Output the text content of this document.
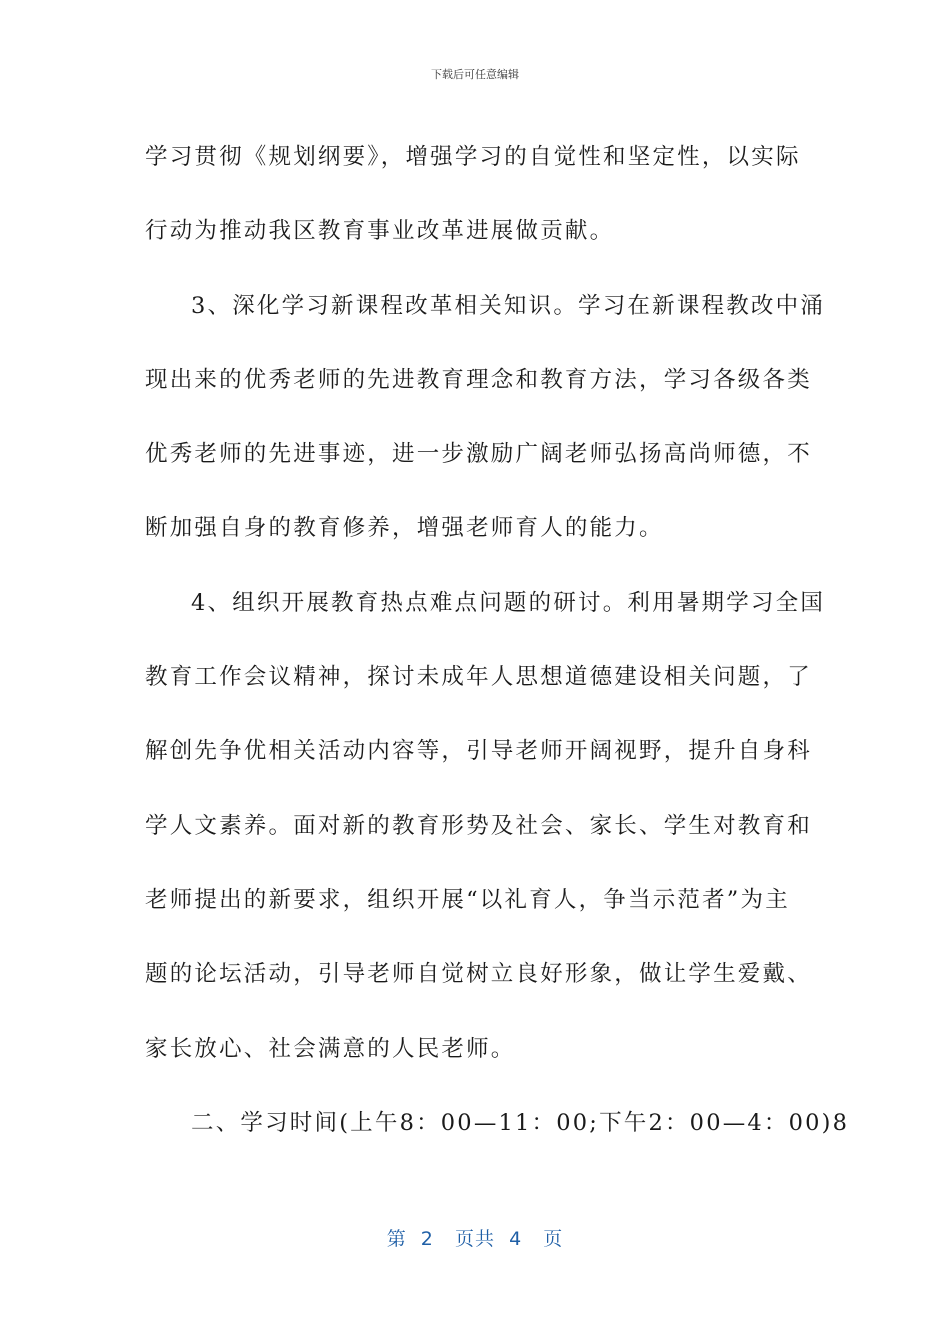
下载后可任意编辑
学习贯彻《规划纲要》，增强学习的自觉性和坚定性，以实际
行动为推动我区教育事业改革进展做贡献。
3、深化学习新课程改革相关知识。学习在新课程教改中涌
现出来的优秀老师的先进教育理念和教育方法，学习各级各类
优秀老师的先进事迹，进一步激励广阔老师弘扬高尚师德，不
断加强自身的教育修养，增强老师育人的能力。
4、组织开展教育热点难点问题的研讨。利用暑期学习全国
教育工作会议精神，探讨未成年人思想道德建设相关问题，了
解创先争优相关活动内容等，引导老师开阔视野，提升自身科
学人文素养。面对新的教育形势及社会、家长、学生对教育和
老师提出的新要求，组织开展“以礼育人，争当示范者”为主
题的论坛活动，引导老师自觉树立良好形象，做让学生爱戴、
家长放心、社会满意的人民老师。
二、学习时间(上午8：00—11：00;下午2：00—4：00)8
第  2   页共  4   页
